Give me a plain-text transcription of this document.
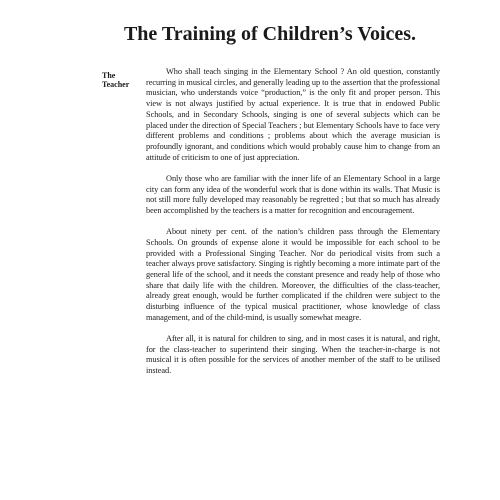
The Training of Children’s Voices.
The
Teacher

Who shall teach singing in the Elementary School ? An old question, constantly recurring in musical circles, and generally leading up to the assertion that the professional musician, who understands voice “production,” is the only fit and proper person. This view is not always justified by actual experience. It is true that in endowed Public Schools, and in Secondary Schools, singing is one of several subjects which can be placed under the direction of Special Teachers ; but Elementary Schools have to face very different problems and conditions ; problems about which the average musician is profoundly ignorant, and conditions which would probably cause him to change from an attitude of criticism to one of just appreciation.

Only those who are familiar with the inner life of an Elementary School in a large city can form any idea of the wonderful work that is done within its walls. That Music is not still more fully developed may reasonably be regretted ; but that so much has already been accomplished by the teachers is a matter for recognition and encouragement.

About ninety per cent. of the nation’s children pass through the Elementary Schools. On grounds of expense alone it would be impossible for each school to be provided with a Professional Singing Teacher. Nor do periodical visits from such a teacher always prove satisfactory. Singing is rightly becoming a more intimate part of the general life of the school, and it needs the constant presence and ready help of those who share that daily life with the children. Moreover, the difficulties of the class-teacher, already great enough, would be further complicated if the children were subject to the disturbing influence of the typical musical practitioner, whose knowledge of class management, and of the child-mind, is usually somewhat meagre.

After all, it is natural for children to sing, and in most cases it is natural, and right, for the class-teacher to superintend their singing. When the teacher-in-charge is not musical it is often possible for the services of another member of the staff to be utilised instead.
